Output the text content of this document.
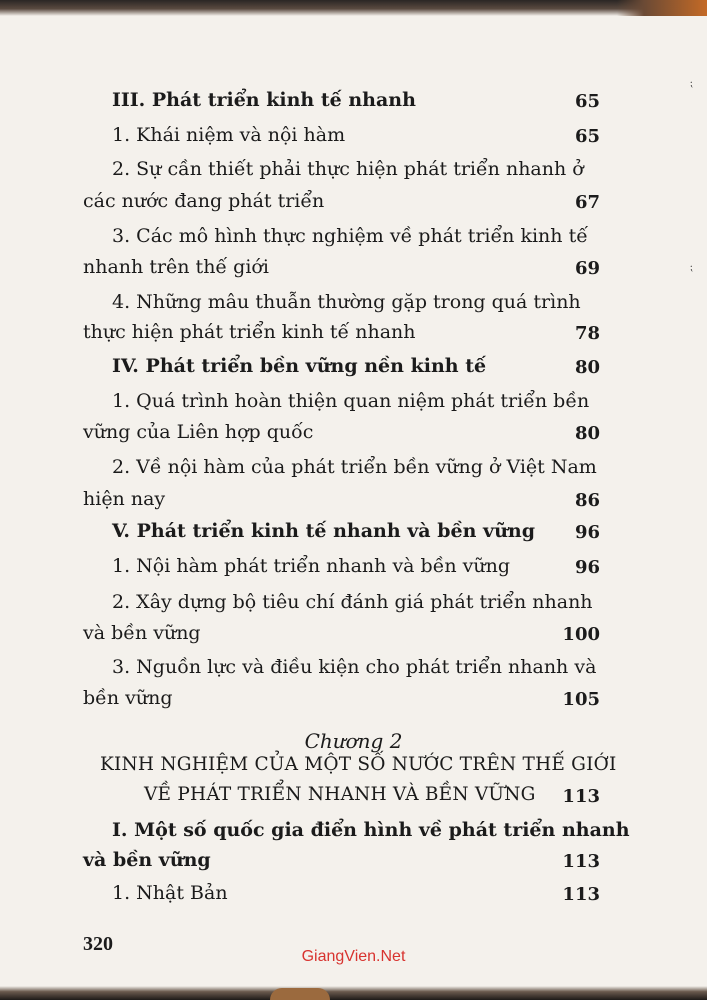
⁏
⁏
III. Phát triển kinh tế nhanh	65
1. Khái niệm và nội hàm	65
2. Sự cần thiết phải thực hiện phát triển nhanh ở
các nước đang phát triển	67
3. Các mô hình thực nghiệm về phát triển kinh tế
nhanh trên thế giới	69
4. Những mâu thuẫn thường gặp trong quá trình
thực hiện phát triển kinh tế nhanh	78
IV. Phát triển bền vững nền kinh tế	80
1. Quá trình hoàn thiện quan niệm phát triển bền
vững của Liên hợp quốc	80
2. Về nội hàm của phát triển bền vững ở Việt Nam
hiện nay	86
V. Phát triển kinh tế nhanh và bền vững	96
1. Nội hàm phát triển nhanh và bền vững	96
2. Xây dựng bộ tiêu chí đánh giá phát triển nhanh
và bền vững	100
3. Nguồn lực và điều kiện cho phát triển nhanh và
bền vững	105
Chương 2
KINH NGHIỆM CỦA MỘT SỐ NƯỚC TRÊN THẾ GIỚI
VỀ PHÁT TRIỂN NHANH VÀ BỀN VỮNG	113
I. Một số quốc gia điển hình về phát triển nhanh
và bền vững	113
1. Nhật Bản	113
320
GiangVien.Net
